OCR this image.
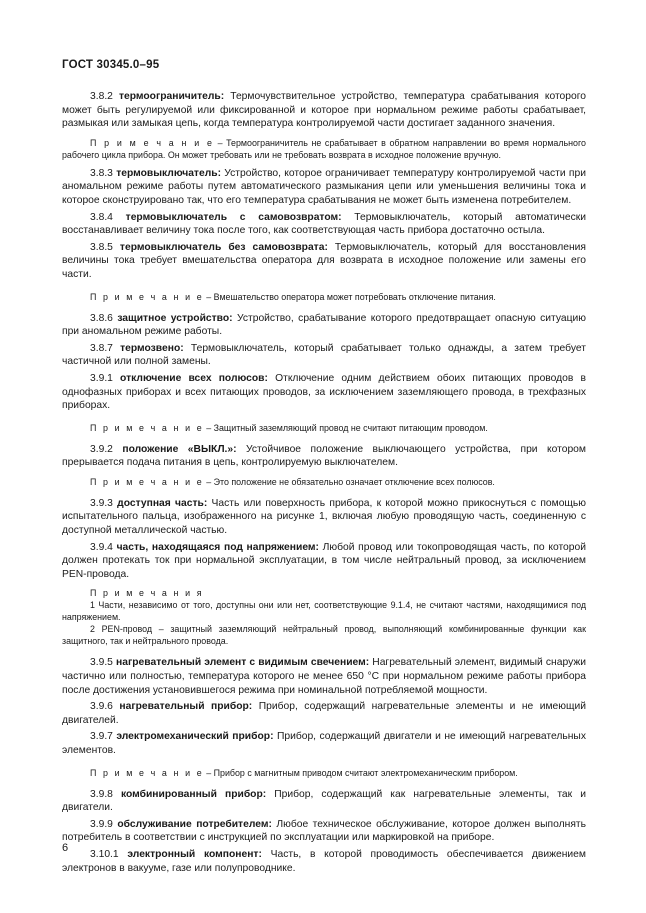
ГОСТ 30345.0–95

3.8.2 термоограничитель: Термочувствительное устройство, температура срабатывания которого может быть регулируемой или фиксированной и которое при нормальном режиме работы срабатывает, размыкая или замыкая цепь, когда температура контролируемой части достигает заданного значения.

П р и м е ч а н и е – Термоограничитель не срабатывает в обратном направлении во время нормального рабочего цикла прибора. Он может требовать или не требовать возврата в исходное положение вручную.

3.8.3 термовыключатель: Устройство, которое ограничивает температуру контролируемой части при аномальном режиме работы путем автоматического размыкания цепи или уменьшения величины тока и которое сконструировано так, что его температура срабатывания не может быть изменена потребителем.

3.8.4 термовыключатель с самовозвратом: Термовыключатель, который автоматически восстанавливает величину тока после того, как соответствующая часть прибора достаточно остыла.

3.8.5 термовыключатель без самовозврата: Термовыключатель, который для восстановления величины тока требует вмешательства оператора для возврата в исходное положение или замены его части.

П р и м е ч а н и е – Вмешательство оператора может потребовать отключение питания.

3.8.6 защитное устройство: Устройство, срабатывание которого предотвращает опасную ситуацию при аномальном режиме работы.

3.8.7 термозвено: Термовыключатель, который срабатывает только однажды, а затем требует частичной или полной замены.

3.9.1 отключение всех полюсов: Отключение одним действием обоих питающих проводов в однофазных приборах и всех питающих проводов, за исключением заземляющего провода, в трехфазных приборах.

П р и м е ч а н и е – Защитный заземляющий провод не считают питающим проводом.

3.9.2 положение «ВЫКЛ.»: Устойчивое положение выключающего устройства, при котором прерывается подача питания в цепь, контролируемую выключателем.

П р и м е ч а н и е – Это положение не обязательно означает отключение всех полюсов.

3.9.3 доступная часть: Часть или поверхность прибора, к которой можно прикоснуться с помощью испытательного пальца, изображенного на рисунке 1, включая любую проводящую часть, соединенную с доступной металлической частью.

3.9.4 часть, находящаяся под напряжением: Любой провод или токопроводящая часть, по которой должен протекать ток при нормальной эксплуатации, в том числе нейтральный провод, за исключением PEN-провода.

П р и м е ч а н и я

1 Части, независимо от того, доступны они или нет, соответствующие 9.1.4, не считают частями, находящимися под напряжением.

2 PEN-провод – защитный заземляющий нейтральный провод, выполняющий комбинированные функции как защитного, так и нейтрального провода.

3.9.5 нагревательный элемент с видимым свечением: Нагревательный элемент, видимый снаружи частично или полностью, температура которого не менее 650 °С при нормальном режиме работы прибора после достижения установившегося режима при номинальной потребляемой мощности.

3.9.6 нагревательный прибор: Прибор, содержащий нагревательные элементы и не имеющий двигателей.

3.9.7 электромеханический прибор: Прибор, содержащий двигатели и не имеющий нагревательных элементов.

П р и м е ч а н и е – Прибор с магнитным приводом считают электромеханическим прибором.

3.9.8 комбинированный прибор: Прибор, содержащий как нагревательные элементы, так и двигатели.

3.9.9 обслуживание потребителем: Любое техническое обслуживание, которое должен выполнять потребитель в соответствии с инструкцией по эксплуатации или маркировкой на приборе.

3.10.1 электронный компонент: Часть, в которой проводимость обеспечивается движением электронов в вакууме, газе или полупроводнике.

6
